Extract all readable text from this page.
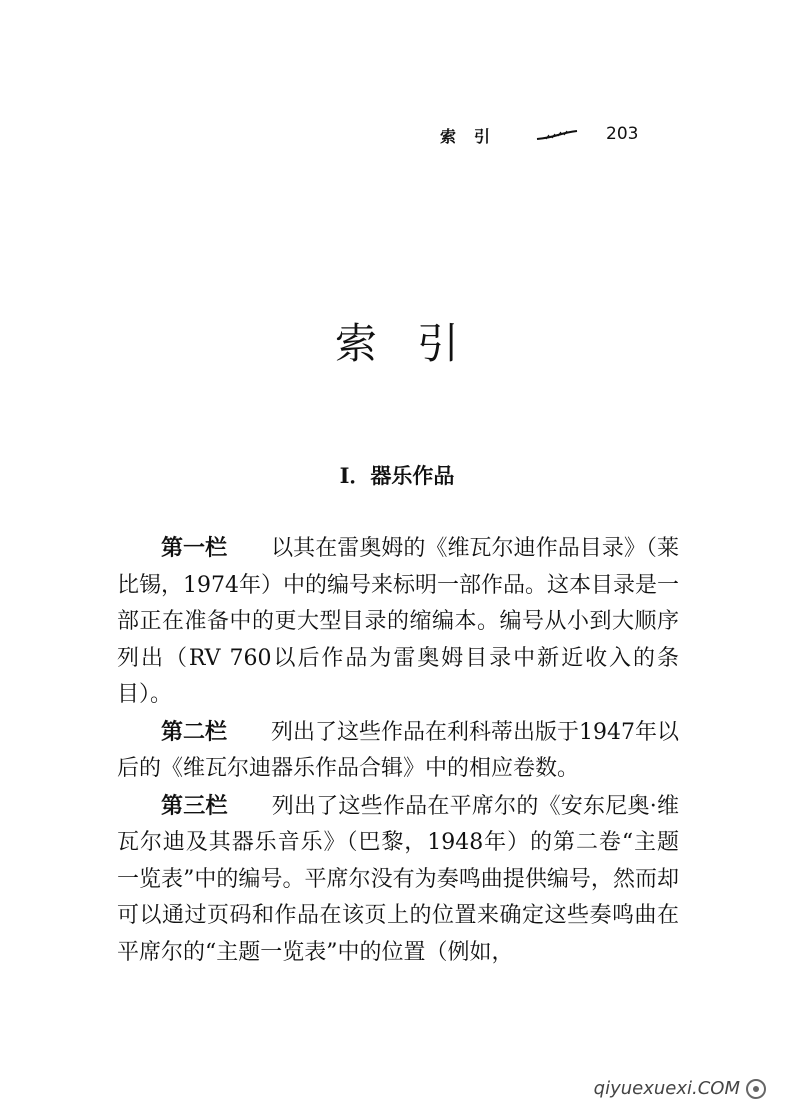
索引	203
索引
Ⅰ．器乐作品

第一栏 以其在雷奥姆的《维瓦尔迪作品目录》（莱比锡，1974年）中的编号来标明一部作品。这本目录是一部正在准备中的更大型目录的缩编本。编号从小到大顺序列出（RV 760以后作品为雷奥姆目录中新近收入的条目）。

第二栏 列出了这些作品在利科蒂出版于1947年以后的《维瓦尔迪器乐作品合辑》中的相应卷数。

第三栏 列出了这些作品在平席尔的《安东尼奥·维瓦尔迪及其器乐音乐》（巴黎，1948年）的第二卷“主题一览表”中的编号。平席尔没有为奏鸣曲提供编号，然而却可以通过页码和作品在该页上的位置来确定这些奏鸣曲在平席尔的“主题一览表”中的位置（例如，

qiyuexuexi.COM
